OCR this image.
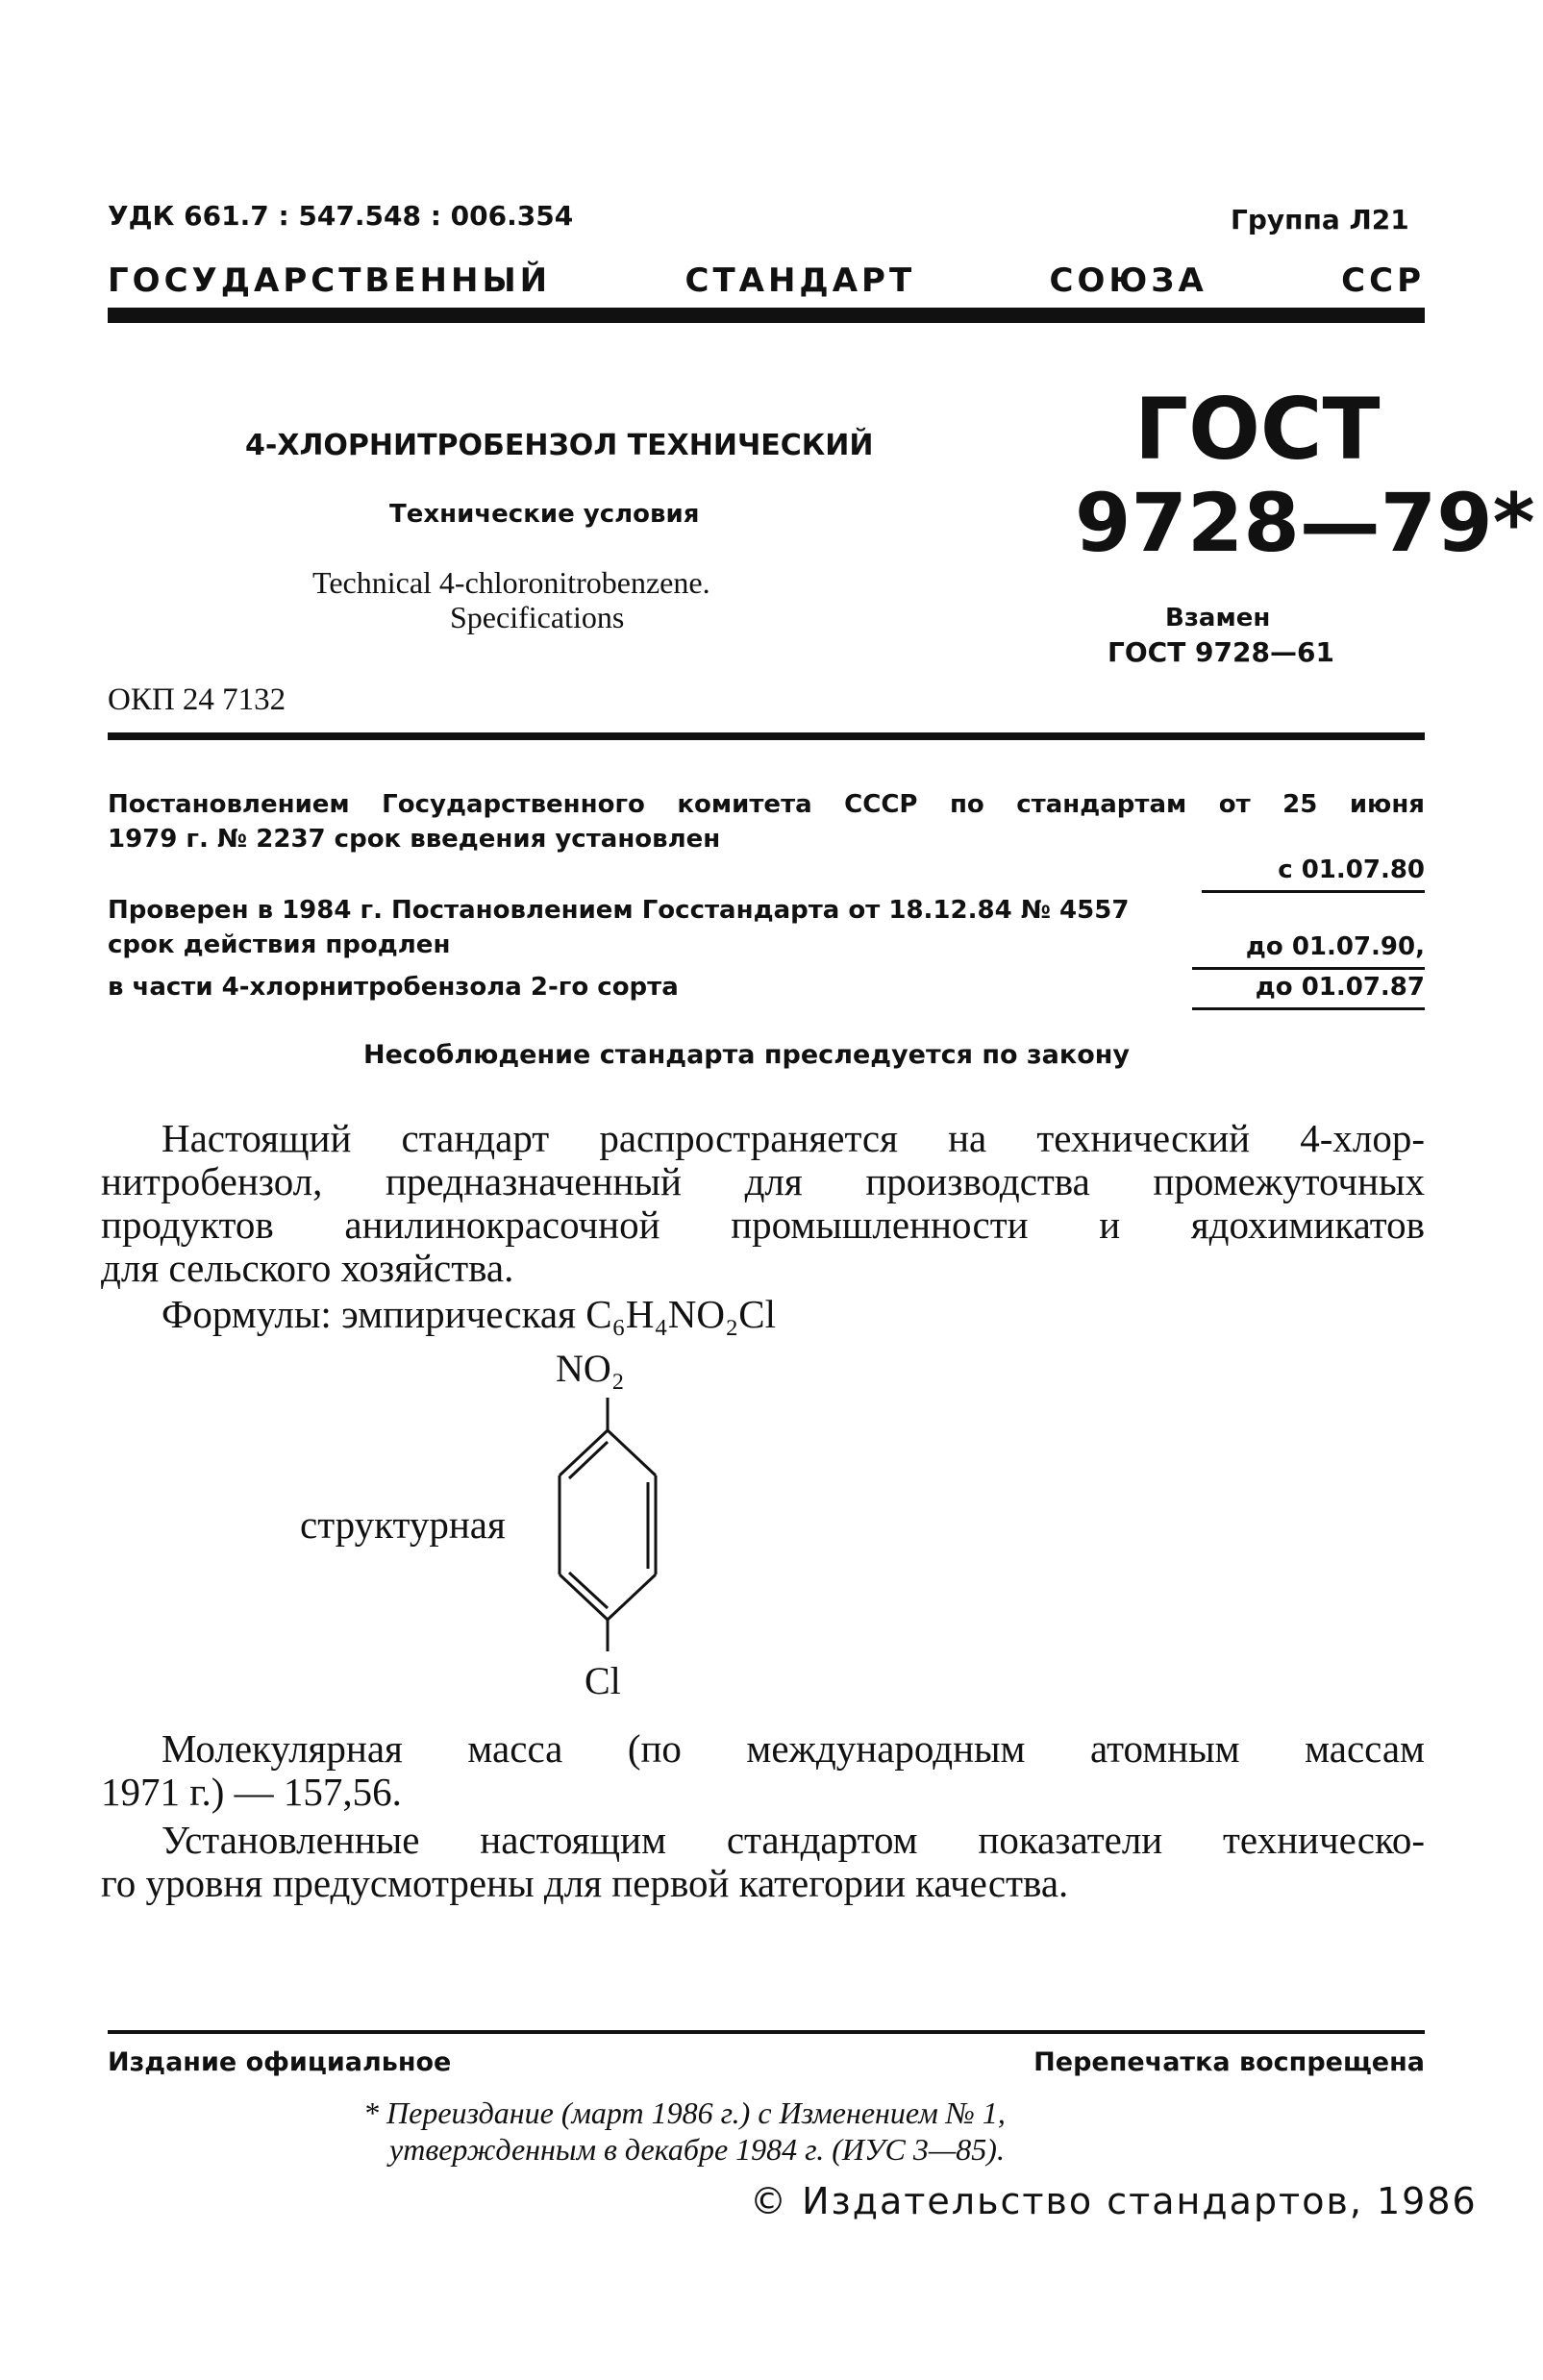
УДК 661.7 : 547.548 : 006.354	Группа Л21
ГОСУДАРСТВЕННЫЙ СТАНДАРТ СОЮЗА ССР
4-ХЛОРНИТРОБЕНЗОЛ ТЕХНИЧЕСКИЙ
Технические условия
Technical 4-chloronitrobenzene.
Specifications
ОКП 24 7132
ГОСТ
9728—79*
Взамен
ГОСТ 9728—61
Постановлением Государственного комитета СССР по стандартам от 25 июня
1979 г. № 2237 срок введения установлен
с 01.07.80
Проверен в 1984 г. Постановлением Госстандарта от 18.12.84 № 4557
срок действия продлен	до 01.07.90,
в части 4-хлорнитробензола 2-го сорта	до 01.07.87
Несоблюдение стандарта преследуется по закону
Настоящий стандарт распространяется на технический 4-хлор-
нитробензол, предназначенный для производства промежуточных
продуктов анилинокрасочной промышленности и ядохимикатов
для сельского хозяйства.
Формулы: эмпирическая C₆H₄NO₂Cl
NO₂
структурная
Cl
Молекулярная масса (по международным атомным массам
1971 г.) — 157,56.
Установленные настоящим стандартом показатели техническо-
го уровня предусмотрены для первой категории качества.
Издание официальное	Перепечатка воспрещена
* Переиздание (март 1986 г.) с Изменением № 1,
утвержденным в декабре 1984 г. (ИУС 3—85).
© Издательство стандартов, 1986
